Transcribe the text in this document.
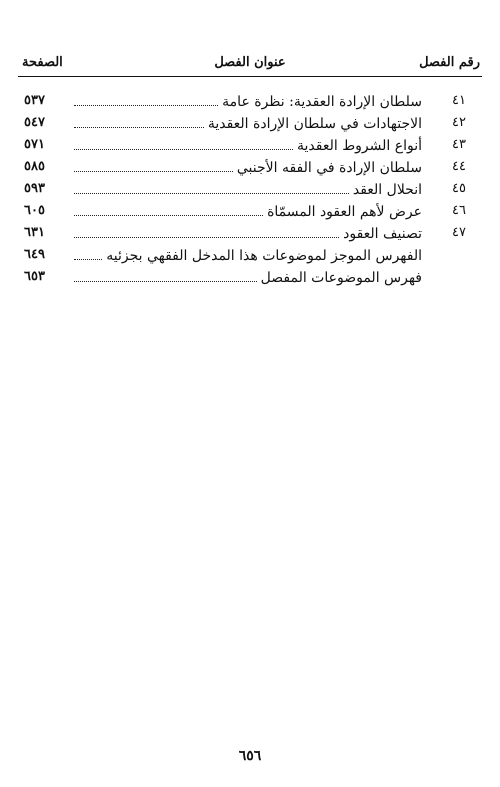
رقم الفصل
عنوان الفصل
الصفحة
٤١
سلطان الإرادة العقدية: نظرة عامة
٥٣٧
٤٢
الاجتهادات في سلطان الإرادة العقدية
٥٤٧
٤٣
أنواع الشروط العقدية
٥٧١
٤٤
سلطان الإرادة في الفقه الأجنبي
٥٨٥
٤٥
انحلال العقد
٥٩٣
٤٦
عرض لأهم العقود المسمّاة
٦٠٥
٤٧
تصنيف العقود
٦٣١
الفهرس الموجز لموضوعات هذا المدخل الفقهي بجزئيه
٦٤٩
فهرس الموضوعات المفصل
٦٥٣
٦٥٦
